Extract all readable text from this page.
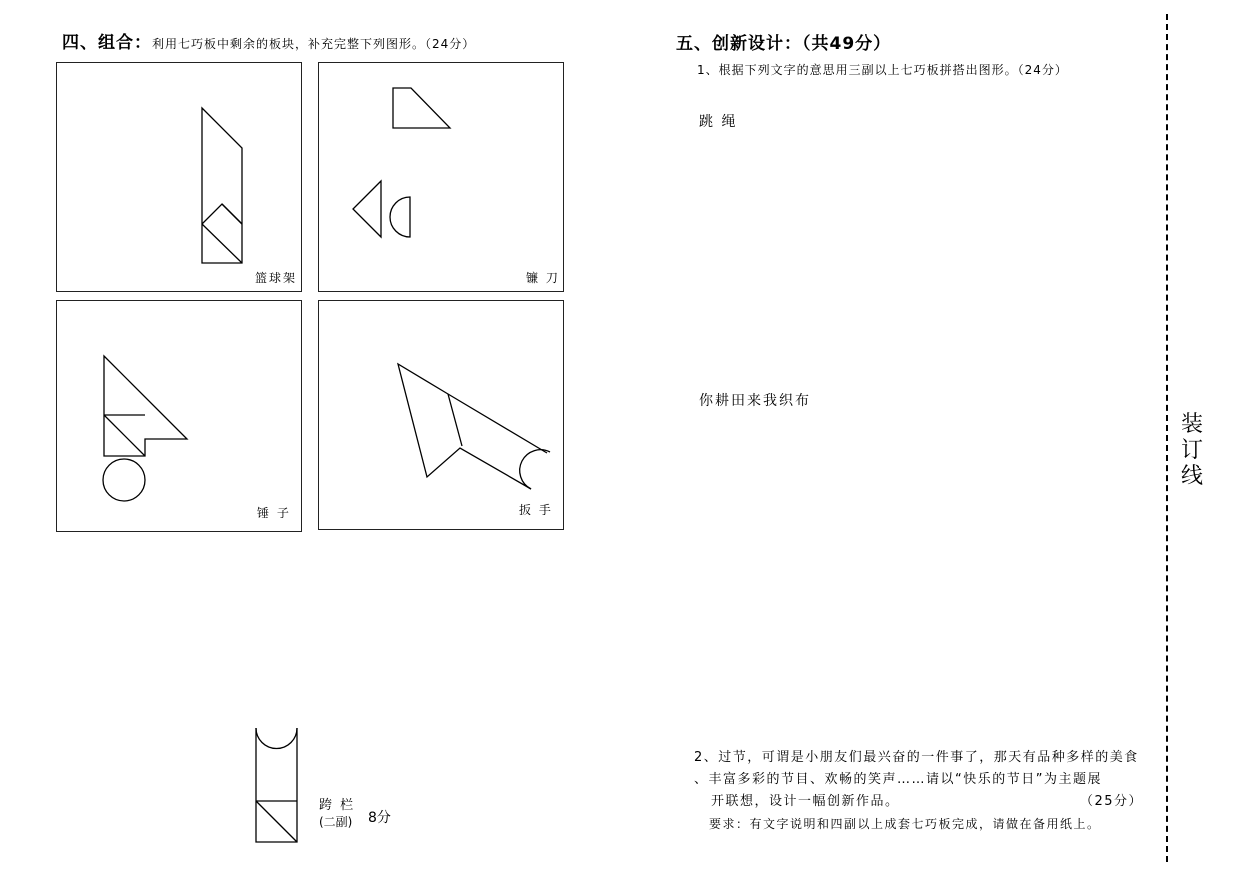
四、组合：利用七巧板中剩余的板块，补充完整下列图形。（24分）
篮球架	镰 刀
锤 子	扳 手
跨 栏
(二副) 8分
五、创新设计：（共49分）
1、根据下列文字的意思用三副以上七巧板拼搭出图形。（24分）
跳 绳
你耕田来我织布
2、过节，可谓是小朋友们最兴奋的一件事了，那天有品种多样的美食
、丰富多彩的节目、欢畅的笑声……请以“快乐的节日”为主题展
开联想，设计一幅创新作品。	（25分）
要求：有文字说明和四副以上成套七巧板完成，请做在备用纸上。
装订线
